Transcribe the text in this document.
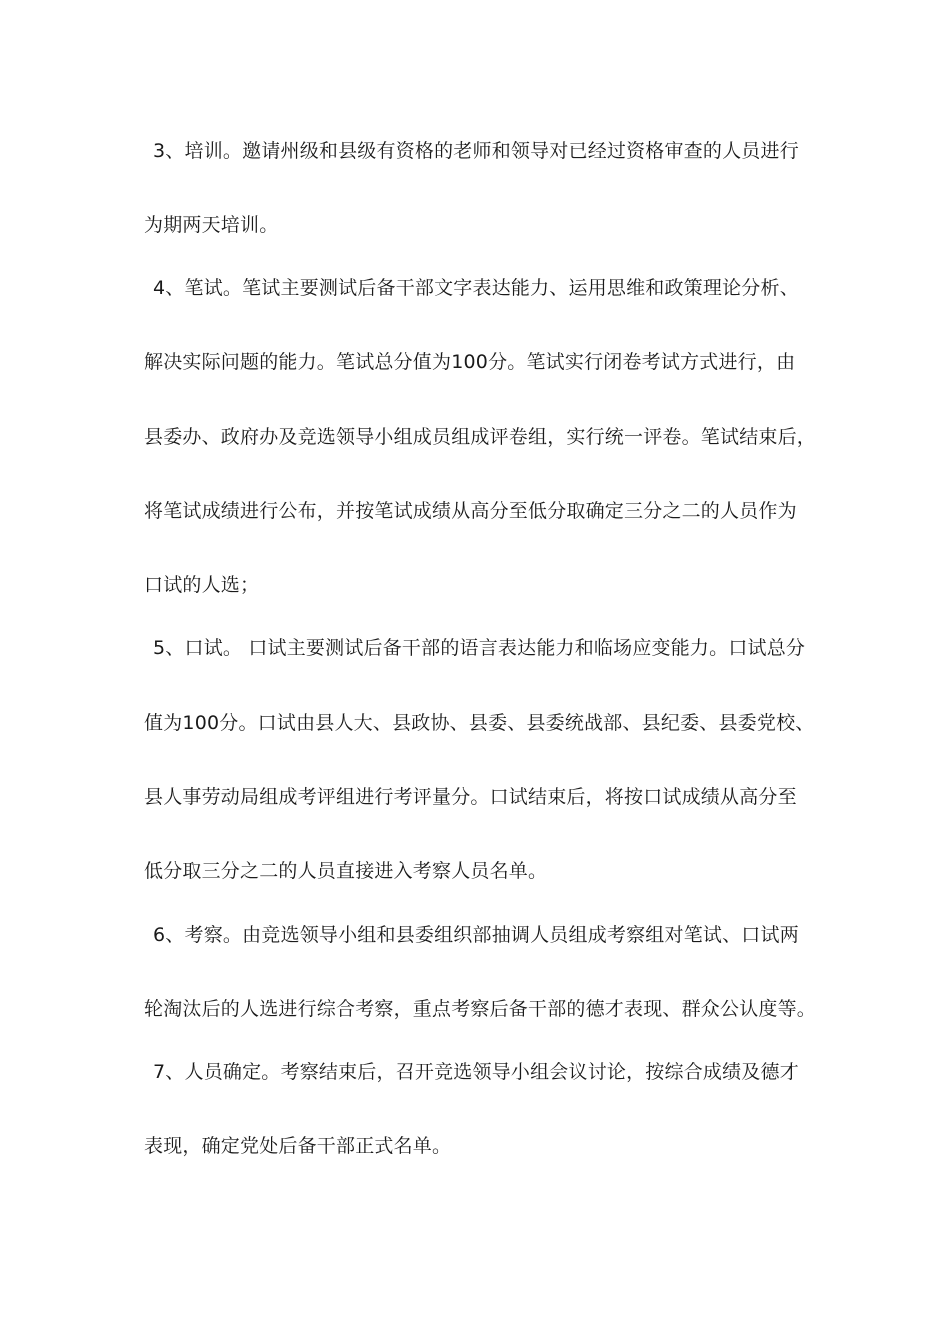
3、培训。邀请州级和县级有资格的老师和领导对已经过资格审查的人员进行
为期两天培训。
4、笔试。笔试主要测试后备干部文字表达能力、运用思维和政策理论分析、
解决实际问题的能力。笔试总分值为100分。笔试实行闭卷考试方式进行，由
县委办、政府办及竞选领导小组成员组成评卷组，实行统一评卷。笔试结束后，
将笔试成绩进行公布，并按笔试成绩从高分至低分取确定三分之二的人员作为
口试的人选；
5、口试。 口试主要测试后备干部的语言表达能力和临场应变能力。口试总分
值为100分。口试由县人大、县政协、县委、县委统战部、县纪委、县委党校、
县人事劳动局组成考评组进行考评量分。口试结束后，将按口试成绩从高分至
低分取三分之二的人员直接进入考察人员名单。
6、考察。由竞选领导小组和县委组织部抽调人员组成考察组对笔试、口试两
轮淘汰后的人选进行综合考察，重点考察后备干部的德才表现、群众公认度等。
7、人员确定。考察结束后，召开竞选领导小组会议讨论，按综合成绩及德才
表现，确定党处后备干部正式名单。
